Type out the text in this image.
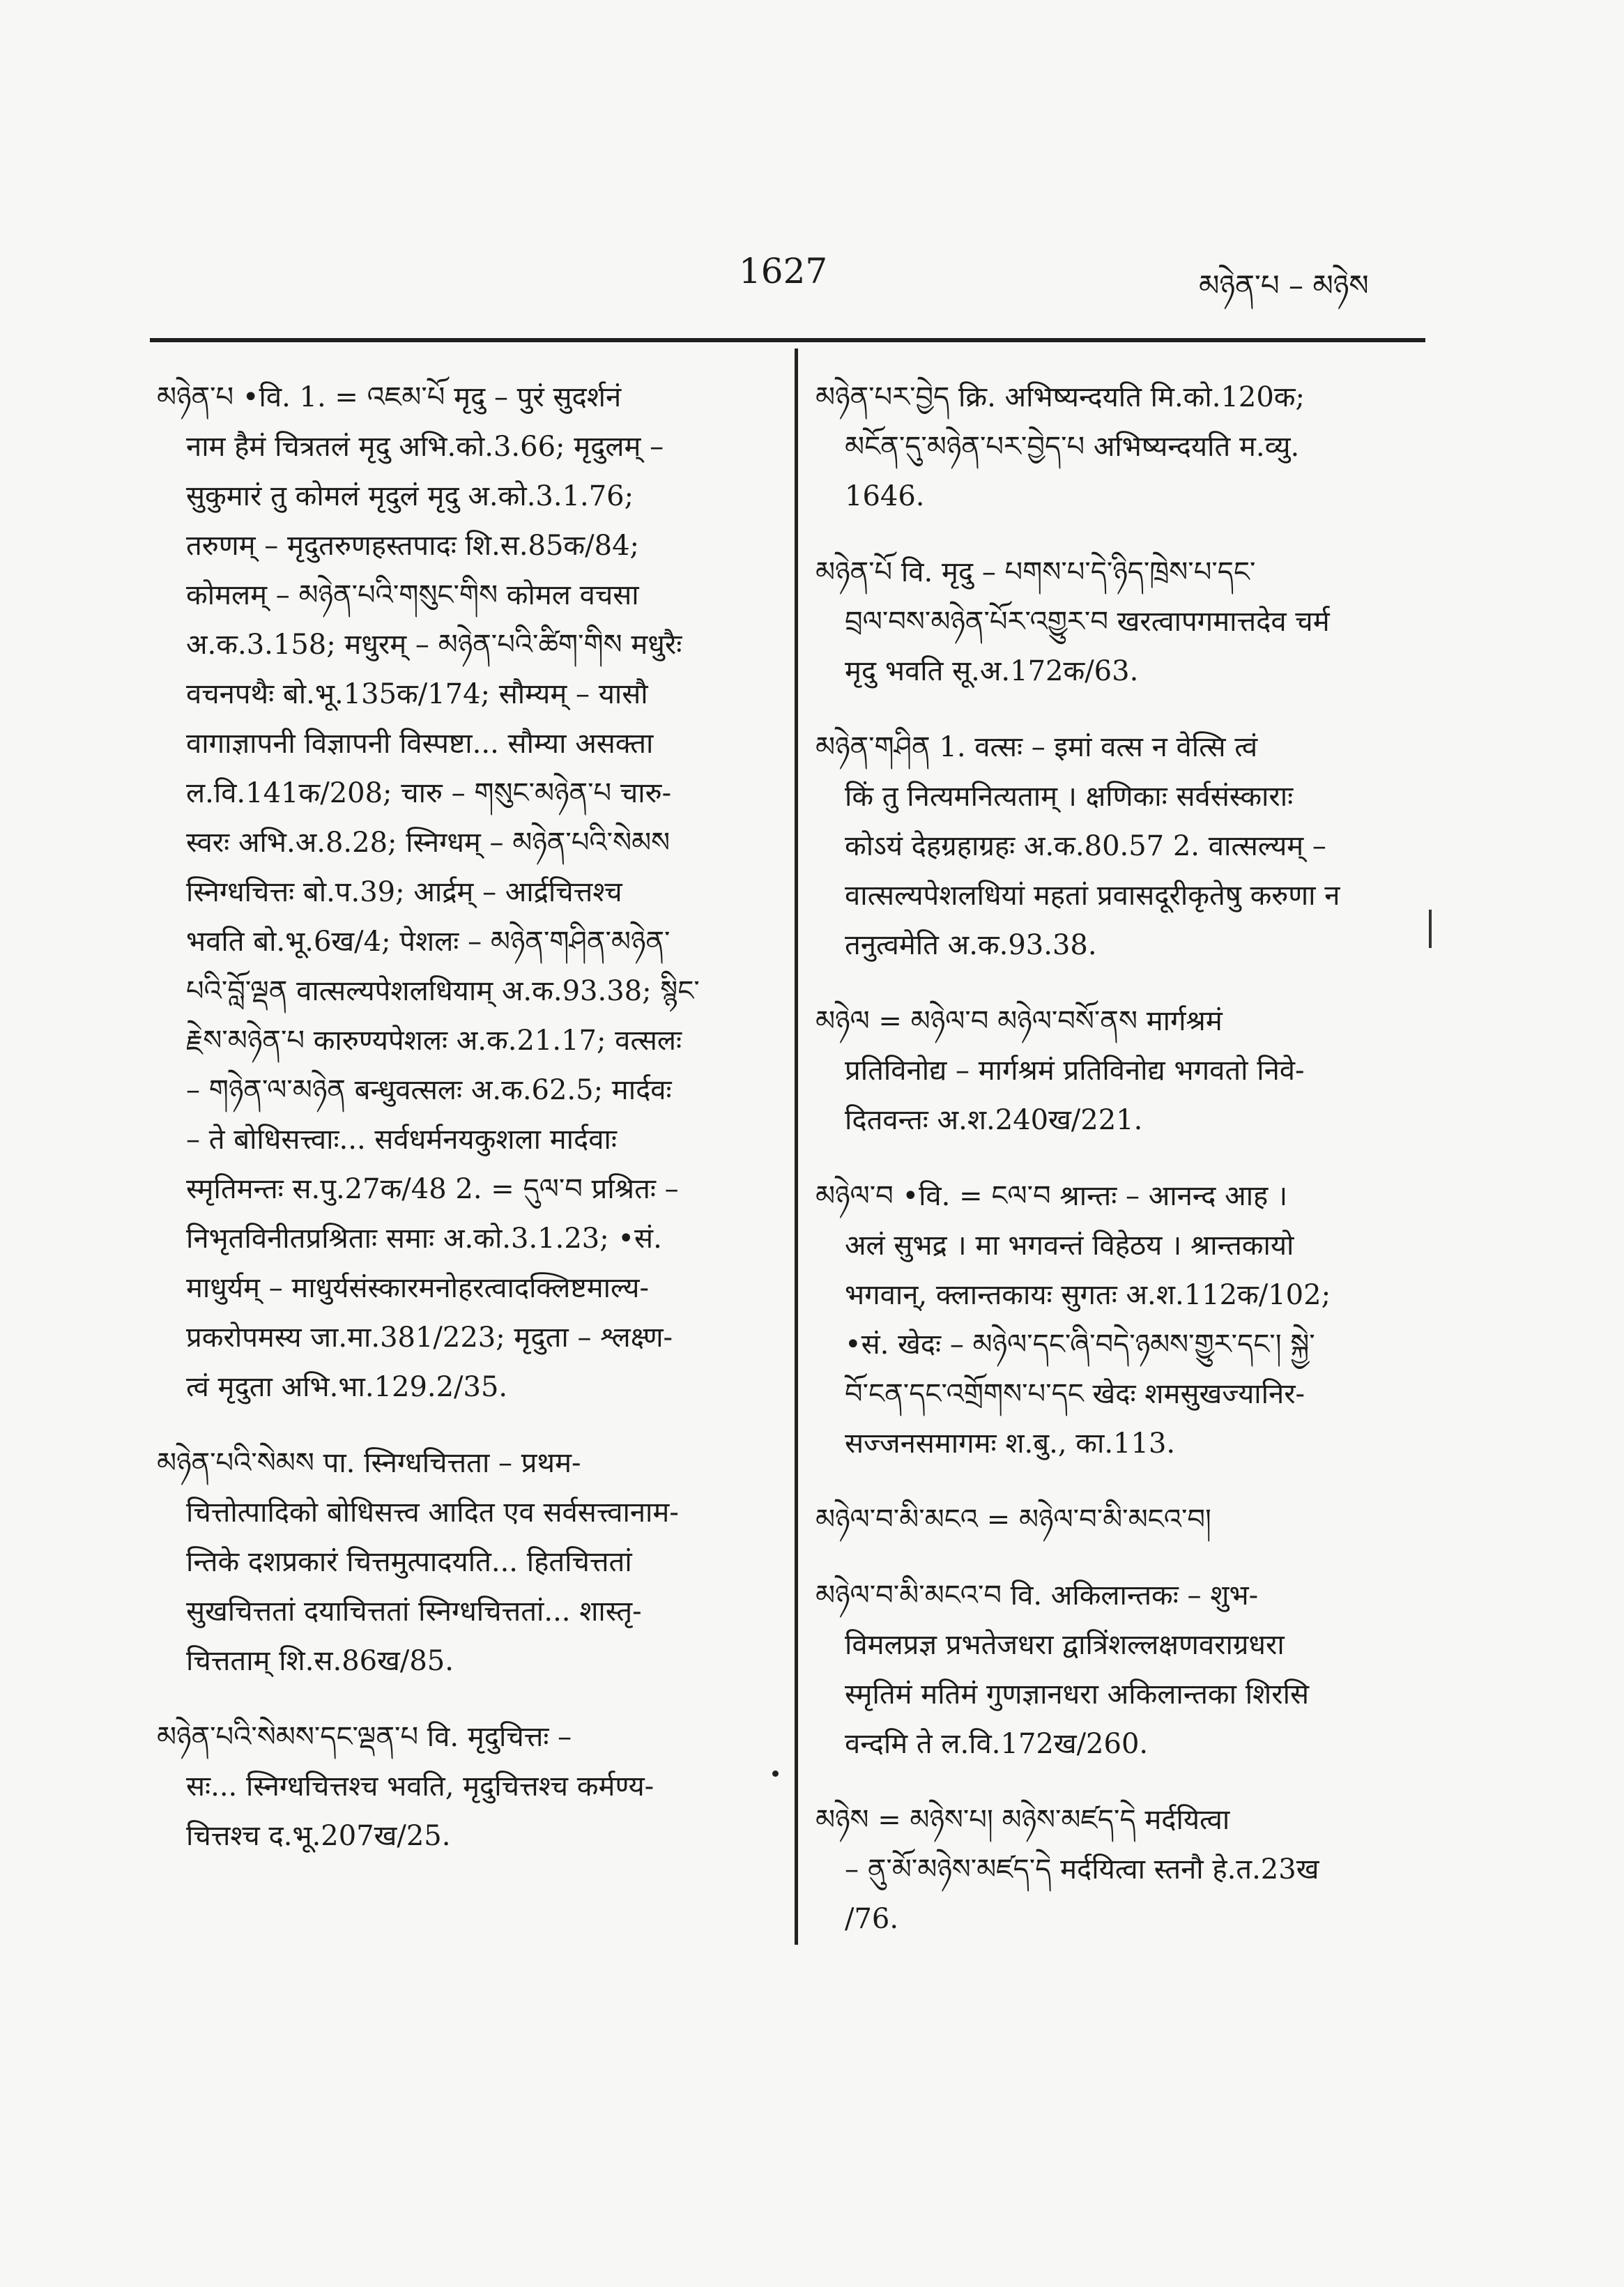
1627	མཉེན་པ – མཉེས
མཉེན་པ •वि. 1. = འཇམ་པོ मृदु – पुरं सुदर्शनं
नाम हैमं चित्रतलं मृदु अभि.को.3.66; मृदुलम् –
सुकुमारं तु कोमलं मृदुलं मृदु अ.को.3.1.76;
तरुणम् – मृदुतरुणहस्तपादः शि.स.85क/84;
कोमलम् – མཉེན་པའི་གསུང་གིས कोमल वचसा
अ.क.3.158; मधुरम् – མཉེན་པའི་ཚིག་གིས मधुरैः
वचनपथैः बो.भू.135क/174; सौम्यम् – यासौ
वागाज्ञापनी विज्ञापनी विस्पष्टा... सौम्या असक्ता
ल.वि.141क/208; चारु – གསུང་མཉེན་པ चारु-
स्वरः अभि.अ.8.28; स्निग्धम् – མཉེན་པའི་སེམས
स्निग्धचित्तः बो.प.39; आर्द्रम् – आर्द्रचित्तश्च
भवति बो.भू.6ख/4; पेशलः – མཉེན་གཤིན་མཉེན་
པའི་བློ་ལྡན वात्सल्यपेशलधियाम् अ.क.93.38; སྙིང་
རྗེས་མཉེན་པ कारुण्यपेशलः अ.क.21.17; वत्सलः
– གཉེན་ལ་མཉེན बन्धुवत्सलः अ.क.62.5; मार्दवः
– ते बोधिसत्त्वाः... सर्वधर्मनयकुशला मार्दवाः
स्मृतिमन्तः स.पु.27क/48 2. = དུལ་བ प्रश्रितः –
निभृतविनीतप्रश्रिताः समाः अ.को.3.1.23; •सं.
माधुर्यम् – माधुर्यसंस्कारमनोहरत्वादक्लिष्टमाल्य-
प्रकरोपमस्य जा.मा.381/223; मृदुता – श्लक्ष्ण-
त्वं मृदुता अभि.भा.129.2/35.
མཉེན་པའི་སེམས पा. स्निग्धचित्तता – प्रथम-
चित्तोत्पादिको बोधिसत्त्व आदित एव सर्वसत्त्वानाम-
न्तिके दशप्रकारं चित्तमुत्पादयति... हितचित्ततां
सुखचित्ततां दयाचित्ततां स्निग्धचित्ततां... शास्तृ-
चित्तताम् शि.स.86ख/85.
མཉེན་པའི་སེམས་དང་ལྡན་པ वि. मृदुचित्तः –
सः... स्निग्धचित्तश्च भवति, मृदुचित्तश्च कर्मण्य-
चित्तश्च द.भू.207ख/25.
མཉེན་པར་བྱེད क्रि. अभिष्यन्दयति मि.को.120क;
མངོན་དུ་མཉེན་པར་བྱེད་པ अभिष्यन्दयति म.व्यु.
1646.
མཉེན་པོ वि. मृदु – པགས་པ་དེ་ཉིད་ཁྲེས་པ་དང་
བྲལ་བས་མཉེན་པོར་འགྱུར་བ खरत्वापगमात्तदेव चर्म
मृदु भवति सू.अ.172क/63.
མཉེན་གཤིན 1. वत्सः – इमां वत्स न वेत्सि त्वं
किं तु नित्यमनित्यताम् । क्षणिकाः सर्वसंस्काराः
कोऽयं देहग्रहाग्रहः अ.क.80.57 2. वात्सल्यम् –
वात्सल्यपेशलधियां महतां प्रवासदूरीकृतेषु करुणा न
तनुत्वमेति अ.क.93.38.
མཉེལ = མཉེལ་བ མཉེལ་བསོ་ནས मार्गश्रमं
प्रतिविनोद्य – मार्गश्रमं प्रतिविनोद्य भगवतो निवे-
दितवन्तः अ.श.240ख/221.
མཉེལ་བ •वि. = ངལ་བ श्रान्तः – आनन्द आह ।
अलं सुभद्र । मा भगवन्तं विहेठय । श्रान्तकायो
भगवान्, क्लान्तकायः सुगतः अ.श.112क/102;
•सं. खेदः – མཉེལ་དང་ཞི་བདེ་ཉམས་གྱུར་དང་། སྐྱེ་
བོ་ངན་དང་འགྲོགས་པ་དང खेदः शमसुखज्यानिर-
सज्जनसमागमः श.बु., का.113.
མཉེལ་བ་མི་མངའ = མཉེལ་བ་མི་མངའ་བ།
མཉེལ་བ་མི་མངའ་བ वि. अकिलान्तकः – शुभ-
विमलप्रज्ञ प्रभतेजधरा द्वात्रिंशल्लक्षणवराग्रधरा
स्मृतिमं मतिमं गुणज्ञानधरा अकिलान्तका शिरसि
वन्दमि ते ल.वि.172ख/260.
མཉེས = མཉེས་པ། མཉེས་མཛད་དེ मर्दयित्वा
– ནུ་མོ་མཉེས་མཛད་དེ मर्दयित्वा स्तनौ हे.त.23ख
/76.
